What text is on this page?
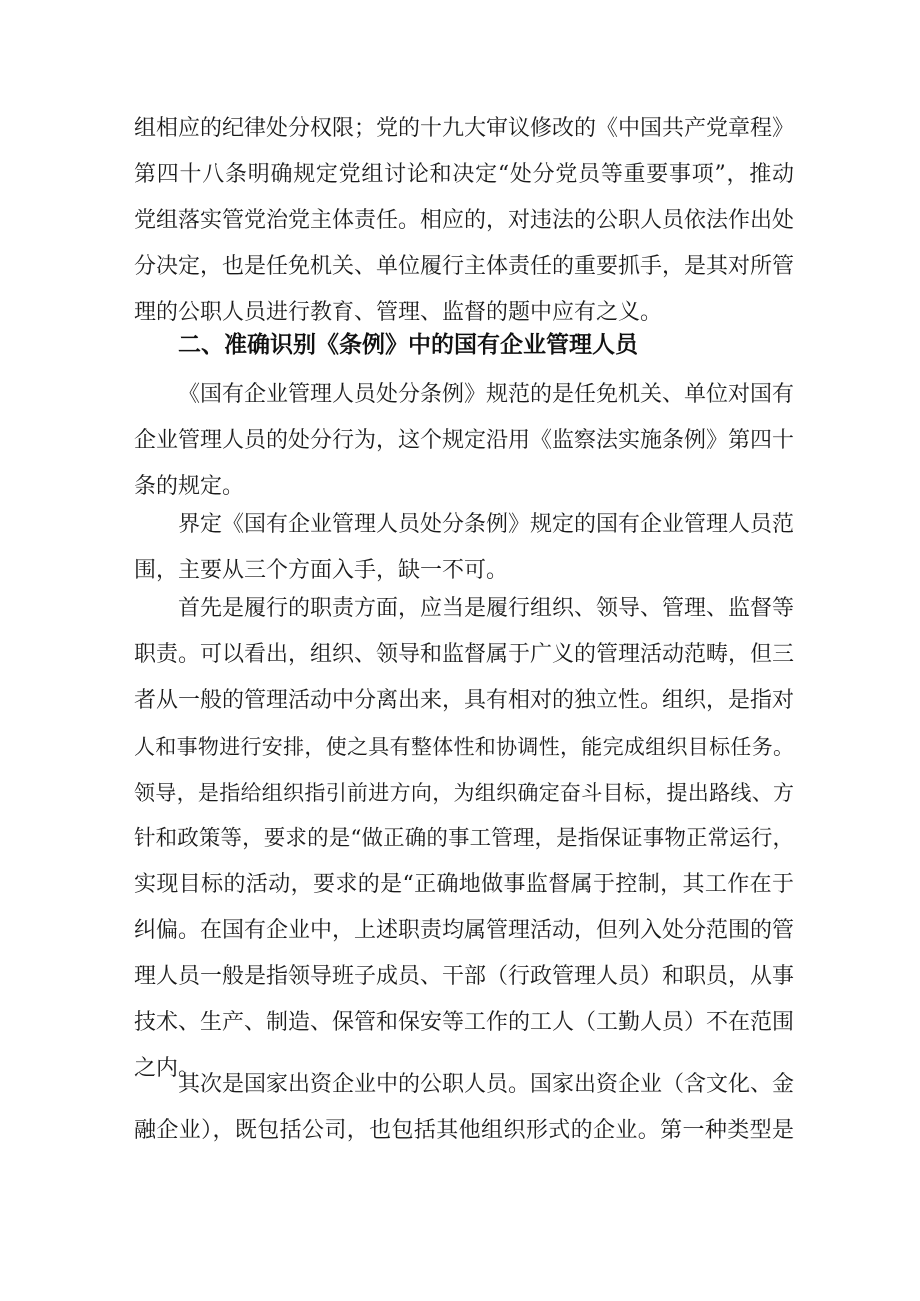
组相应的纪律处分权限；党的十九大审议修改的《中国共产党章程》
第四十八条明确规定党组讨论和决定“处分党员等重要事项”，推动
党组落实管党治党主体责任。相应的，对违法的公职人员依法作出处
分决定，也是任免机关、单位履行主体责任的重要抓手，是其对所管
理的公职人员进行教育、管理、监督的题中应有之义。
二、准确识别《条例》中的国有企业管理人员
《国有企业管理人员处分条例》规范的是任免机关、单位对国有
企业管理人员的处分行为，这个规定沿用《监察法实施条例》第四十
条的规定。
界定《国有企业管理人员处分条例》规定的国有企业管理人员范
围，主要从三个方面入手，缺一不可。
首先是履行的职责方面，应当是履行组织、领导、管理、监督等
职责。可以看出，组织、领导和监督属于广义的管理活动范畴，但三
者从一般的管理活动中分离出来，具有相对的独立性。组织，是指对
人和事物进行安排，使之具有整体性和协调性，能完成组织目标任务。
领导，是指给组织指引前进方向，为组织确定奋斗目标，提出路线、方
针和政策等，要求的是“做正确的事工管理，是指保证事物正常运行，
实现目标的活动，要求的是“正确地做事监督属于控制，其工作在于
纠偏。在国有企业中，上述职责均属管理活动，但列入处分范围的管
理人员一般是指领导班子成员、干部（行政管理人员）和职员，从事
技术、生产、制造、保管和保安等工作的工人（工勤人员）不在范围
之内。
其次是国家出资企业中的公职人员。国家出资企业（含文化、金
融企业），既包括公司，也包括其他组织形式的企业。第一种类型是
